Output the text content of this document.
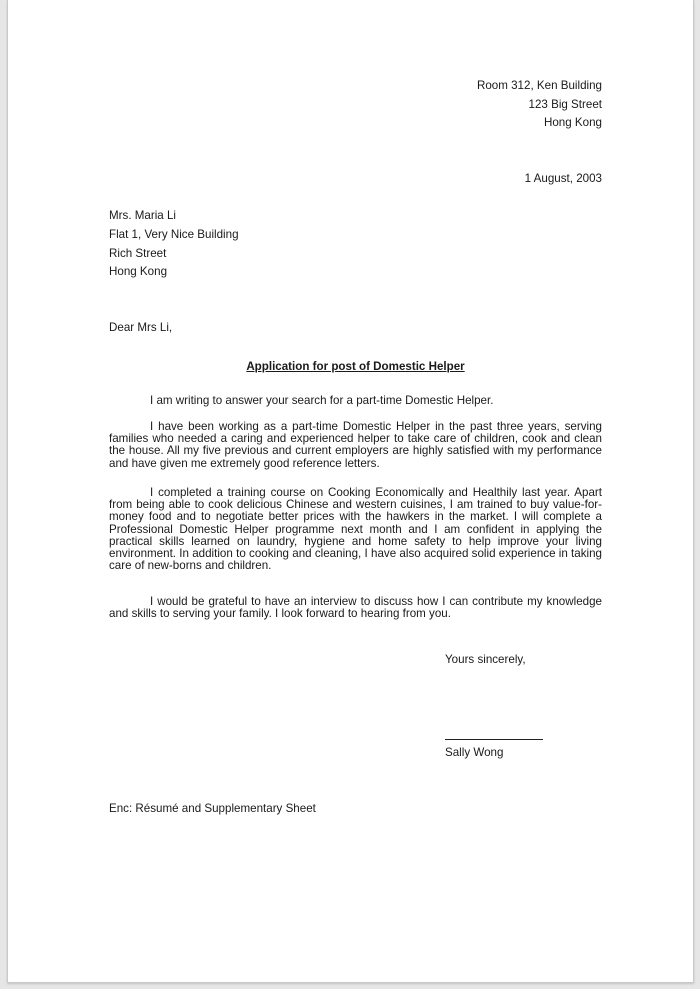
Room 312, Ken Building
123 Big Street
Hong Kong
1 August, 2003
Mrs. Maria Li
Flat 1, Very Nice Building
Rich Street
Hong Kong
Dear Mrs Li,
Application for post of Domestic Helper

I am writing to answer your search for a part-time Domestic Helper.

I have been working as a part-time Domestic Helper in the past three years, serving families who needed a caring and experienced helper to take care of children, cook and clean the house. All my five previous and current employers are highly satisfied with my performance and have given me extremely good reference letters.

I completed a training course on Cooking Economically and Healthily last year. Apart from being able to cook delicious Chinese and western cuisines, I am trained to buy value-for-money food and to negotiate better prices with the hawkers in the market. I will complete a Professional Domestic Helper programme next month and I am confident in applying the practical skills learned on laundry, hygiene and home safety to help improve your living environment. In addition to cooking and cleaning, I have also acquired solid experience in taking care of new-borns and children.

I would be grateful to have an interview to discuss how I can contribute my knowledge and skills to serving your family. I look forward to hearing from you.

Yours sincerely,
Sally Wong
Enc: Résumé and Supplementary Sheet
